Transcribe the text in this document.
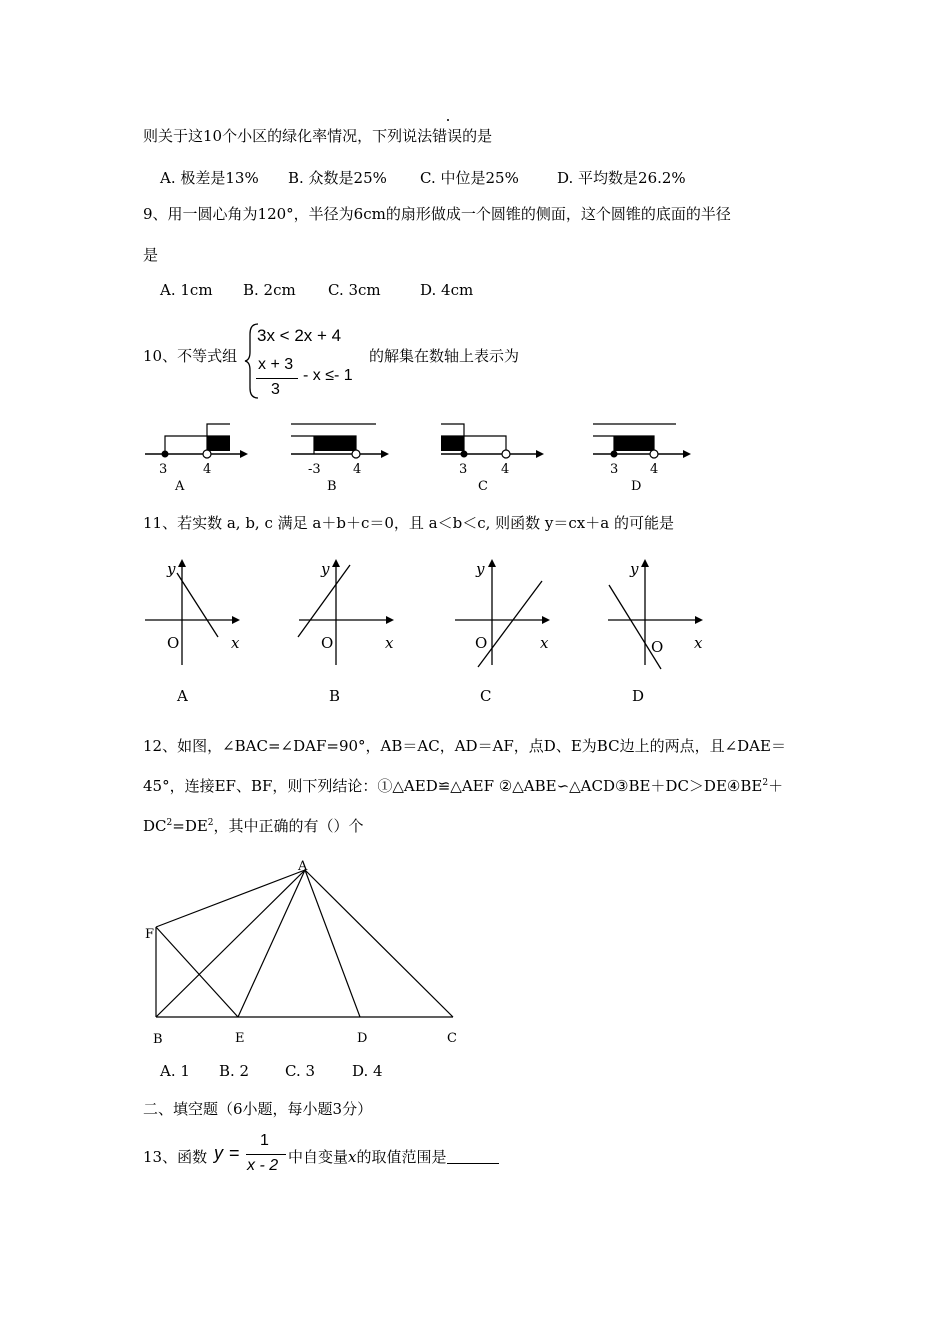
则关于这10个小区的绿化率情况，下列说法错误的是
A. 极差是13% B. 众数是25% C. 中位是25%	D. 平均数是26.2%
9、用一圆心角为120°，半径为6cm的扇形做成一个圆锥的侧面，这个圆锥的底面的半径
是
A. 1cm B. 2cm C. 3cm	D. 4cm
10、不等式组
3x < 2x + 4
x + 3
3
- x ≤- 1
的解集在数轴上表示为
3	4
A
-3 4
B
3	4
C
3 4
D
11、若实数 a, b, c 满足 a＋b＋c＝0，且 a＜b＜c, 则函数 y＝cx＋a 的可能是
y
O	x
A
y
O	x
B
y
O	x
C
y
O x
D
12、如图，∠BAC=∠DAF=90°，AB＝AC，AD＝AF，点D、E为BC边上的两点，且∠DAE＝
45°，连接EF、BF，则下列结论：①△AED≌△AEF $②\triangle ABE∽\triangle ACD③BE+DC>DE④BE^2+$
$DC^2=DE^2$，其中正确的有（）个
A
F
B	E	D	C
A. 1 B. 2 C. 3 D. 4
二、填空题（6小题，每小题3分）
13、函数 y =
1
x - 2 中自变量x的取值范围是
